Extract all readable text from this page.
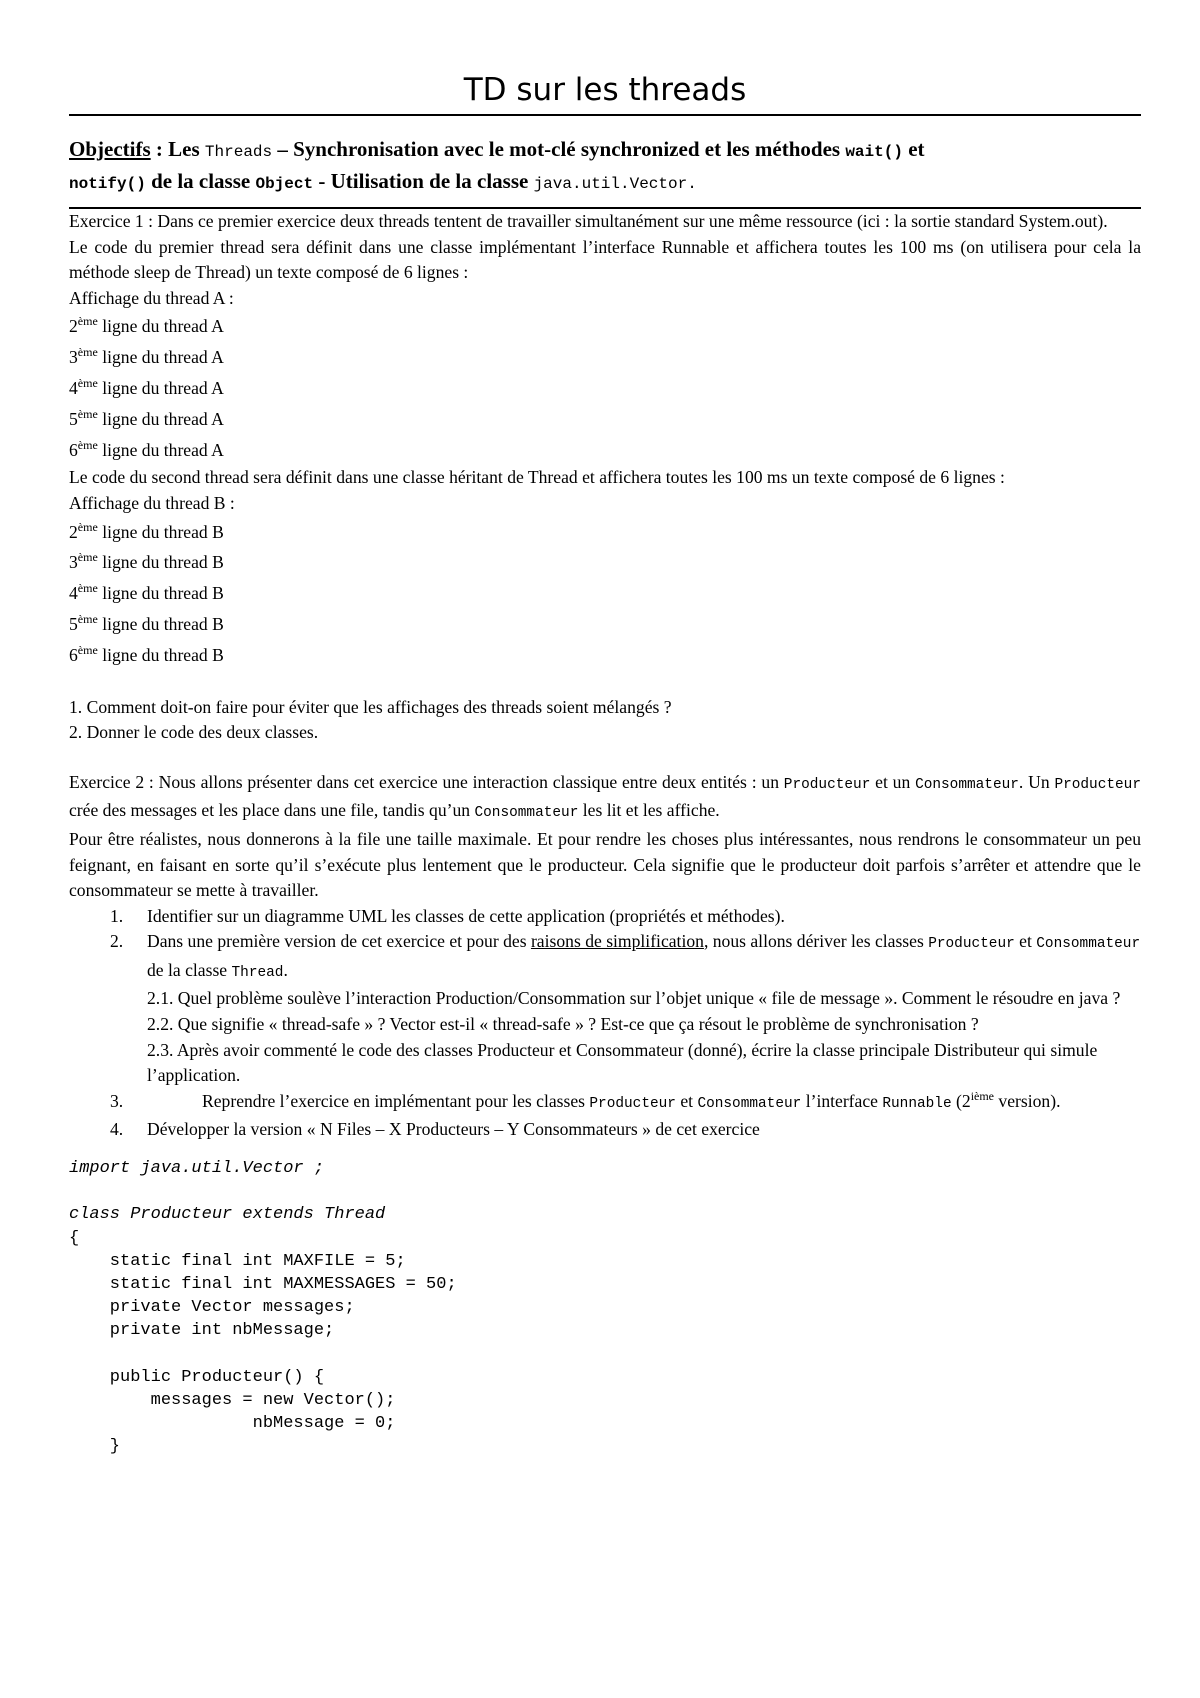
TD sur les threads

Objectifs : Les Threads – Synchronisation avec le mot-clé synchronized et les méthodes wait() et
notify() de la classe Object - Utilisation de la classe java.util.Vector.

Exercice 1 : Dans ce premier exercice deux threads tentent de travailler simultanément sur une même ressource (ici : la sortie standard System.out).

Le code du premier thread sera définit dans une classe implémentant l’interface Runnable et affichera toutes les 100 ms (on utilisera pour cela la méthode sleep de Thread) un texte composé de 6 lignes :

Affichage du thread A :
2ème ligne du thread A
3ème ligne du thread A
4ème ligne du thread A
5ème ligne du thread A
6ème ligne du thread A

Le code du second thread sera définit dans une classe héritant de Thread et affichera toutes les 100 ms un texte composé de 6 lignes :

Affichage du thread B :
2ème ligne du thread B
3ème ligne du thread B
4ème ligne du thread B
5ème ligne du thread B
6ème ligne du thread B

1. Comment doit-on faire pour éviter que les affichages des threads soient mélangés ?

2. Donner le code des deux classes.

Exercice 2 : Nous allons présenter dans cet exercice une interaction classique entre deux entités : un Producteur et un Consommateur. Un Producteur crée des messages et les place dans une file, tandis qu’un Consommateur les lit et les affiche.

Pour être réalistes, nous donnerons à la file une taille maximale. Et pour rendre les choses plus intéressantes, nous rendrons le consommateur un peu feignant, en faisant en sorte qu’il s’exécute plus lentement que le producteur. Cela signifie que le producteur doit parfois s’arrêter et attendre que le consommateur se mette à travailler.

1. Identifier sur un diagramme UML les classes de cette application (propriétés et méthodes).
2. Dans une première version de cet exercice et pour des raisons de simplification, nous allons dériver les classes Producteur et Consommateur de la classe Thread.
2.1. Quel problème soulève l’interaction Production/Consommation sur l’objet unique « file de message ». Comment le résoudre en java ?
2.2. Que signifie « thread-safe » ? Vector est-il « thread-safe » ? Est-ce que ça résout le problème de synchronisation ?
2.3. Après avoir commenté le code des classes Producteur et Consommateur (donné), écrire la classe principale Distributeur qui simule l’application.
3.	Reprendre l’exercice en implémentant pour les classes Producteur et Consommateur l’interface Runnable (2ième version).
4. Développer la version « N Files – X Producteurs – Y Consommateurs » de cet exercice
import java.util.Vector ;

class Producteur extends Thread
{
static final int MAXFILE = 5;
static final int MAXMESSAGES = 50;
private Vector messages;
private int nbMessage;

public Producteur() {
messages = new Vector();
nbMessage = 0;
}
